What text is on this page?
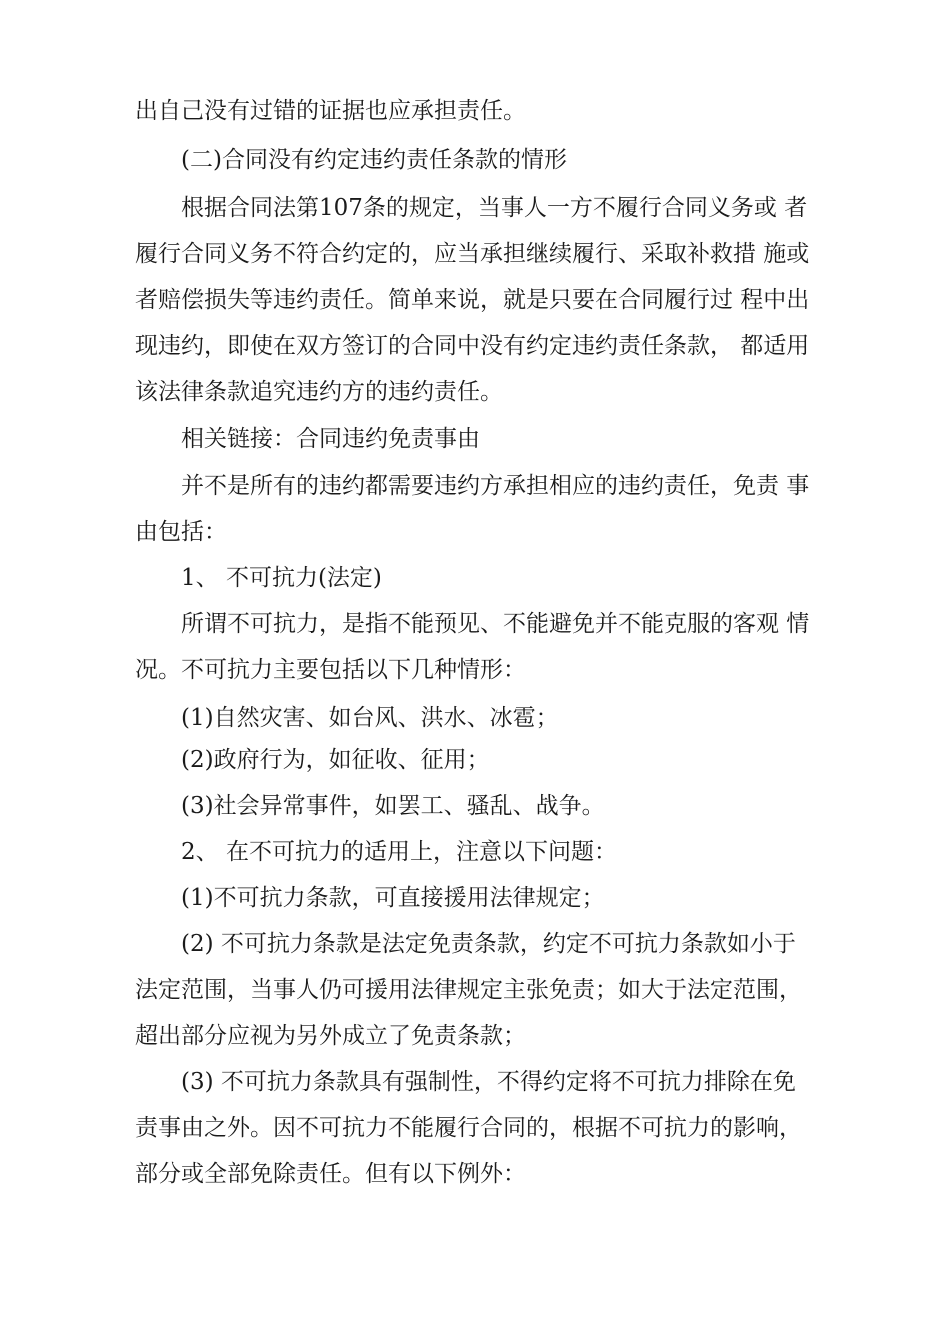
出自己没有过错的证据也应承担责任。
(二)合同没有约定违约责任条款的情形
根据合同法第107条的规定，当事人一方不履行合同义务或 者
履行合同义务不符合约定的，应当承担继续履行、采取补救措 施或
者赔偿损失等违约责任。简单来说，就是只要在合同履行过 程中出
现违约，即使在双方签订的合同中没有约定违约责任条款， 都适用
该法律条款追究违约方的违约责任。
相关链接：合同违约免责事由
并不是所有的违约都需要违约方承担相应的违约责任，免责 事
由包括：
1、 不可抗力(法定)
所谓不可抗力，是指不能预见、不能避免并不能克服的客观 情
况。不可抗力主要包括以下几种情形：
(1)自然灾害、如台风、洪水、冰雹；
(2)政府行为，如征收、征用；
(3)社会异常事件，如罢工、骚乱、战争。
2、 在不可抗力的适用上，注意以下问题：
(1)不可抗力条款，可直接援用法律规定；
(2) 不可抗力条款是法定免责条款，约定不可抗力条款如小于
法定范围，当事人仍可援用法律规定主张免责；如大于法定范围，
超出部分应视为另外成立了免责条款；
(3) 不可抗力条款具有强制性，不得约定将不可抗力排除在免
责事由之外。因不可抗力不能履行合同的，根据不可抗力的影响，
部分或全部免除责任。但有以下例外：
